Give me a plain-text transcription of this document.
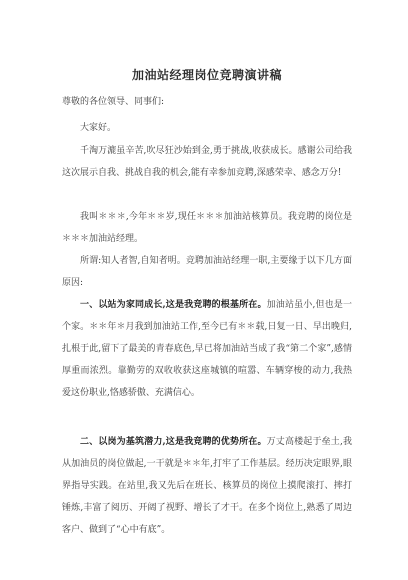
加油站经理岗位竞聘演讲稿
尊敬的各位领导、同事们:
大家好。
千淘万漉虽辛苦,吹尽狂沙始到金,勇于挑战,收获成长。感谢公司给我这次展示自我、挑战自我的机会,能有幸参加竞聘,深感荣幸、感念万分!
我叫＊＊＊,今年＊＊岁,现任＊＊＊加油站核算员。我竞聘的岗位是＊＊＊加油站经理。
所谓:知人者智,自知者明。竞聘加油站经理一职,主要缘于以下几方面原因:
一、以站为家同成长,这是我竞聘的根基所在。加油站虽小,但也是一个家。＊＊年＊月我到加油站工作,至今已有＊＊载,日复一日、早出晚归,扎根于此,留下了最美的青春底色,早已将加油站当成了我“第二个家”,感情厚重而浓烈。靠勤劳的双收收获这座城镇的喧嚣、车辆穿梭的动力,我热爱这份职业,恪感骄傲、充满信心。
二、以岗为基筑潜力,这是我竞聘的优势所在。万丈高楼起于垒土,我从加油员的岗位做起,一干就是＊＊年,打牢了工作基层。经历决定眼界,眼界指导实践。在站里,我又先后在班长、核算员的岗位上摸爬滚打、摔打锤炼,丰富了阅历、开阔了视野、增长了才干。在多个岗位上,熟悉了周边客户、做到了“心中有底”。
